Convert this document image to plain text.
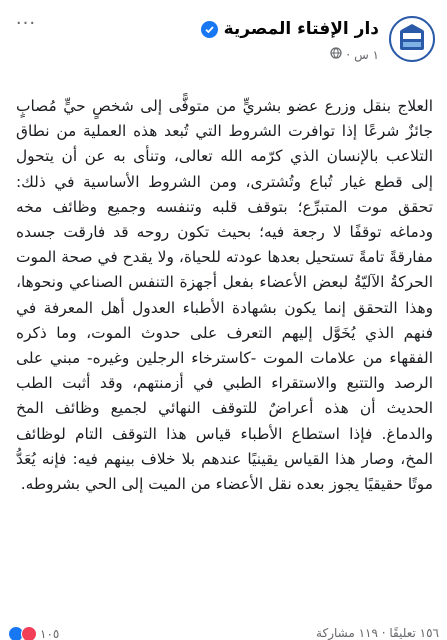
دار الإفتاء المصرية
١ س
·
···

العلاج بنقل وزرع عضو بشريٍّ من متوفًّى إلى شخصٍ حيٍّ مُصابٍ جائزٌ شرعًا إذا توافرت الشروط التي تُبعد هذه العملية من نطاق التلاعب بالإنسان الذي كرّمه الله تعالى، وتنأى به عن أن يتحول إلى قطع غيار تُباع وتُشترى، ومن الشروط الأساسية في ذلك: تحقق موت المتبرِّع؛ بتوقف قلبه وتنفسه وجميع وظائف مخه ودماغه توقفًا لا رجعة فيه؛ بحيث تكون روحه قد فارقت جسده مفارقةً تامةً تستحيل بعدها عودته للحياة، ولا يقدح في صحة الموت الحركةُ الآليّةُ لبعض الأعضاء بفعل أجهزة التنفس الصناعي ونحوها، وهذا التحقق إنما يكون بشهادة الأطباء العدول أهل المعرفة في فنهم الذي يُخَوَّل إليهم التعرف على حدوث الموت، وما ذكره الفقهاء من علامات الموت -كاسترخاء الرجلين وغيره- مبني على الرصد والتتبع والاستقراء الطبي في أزمنتهم، وقد أثبت الطب الحديث أن هذه أعراضٌ للتوقف النهائي لجميع وظائف المخ والدماغ. فإذا استطاع الأطباء قياس هذا التوقف التام لوظائف المخ، وصار هذا القياس يقينيًا عندهم بلا خلاف بينهم فيه: فإنه يُعَدُّ موتًا حقيقيًا يجوز بعده نقل الأعضاء من الميت إلى الحي بشروطه.

١٠٥	١٥٦ تعليقًا · ١١٩ مشاركة
